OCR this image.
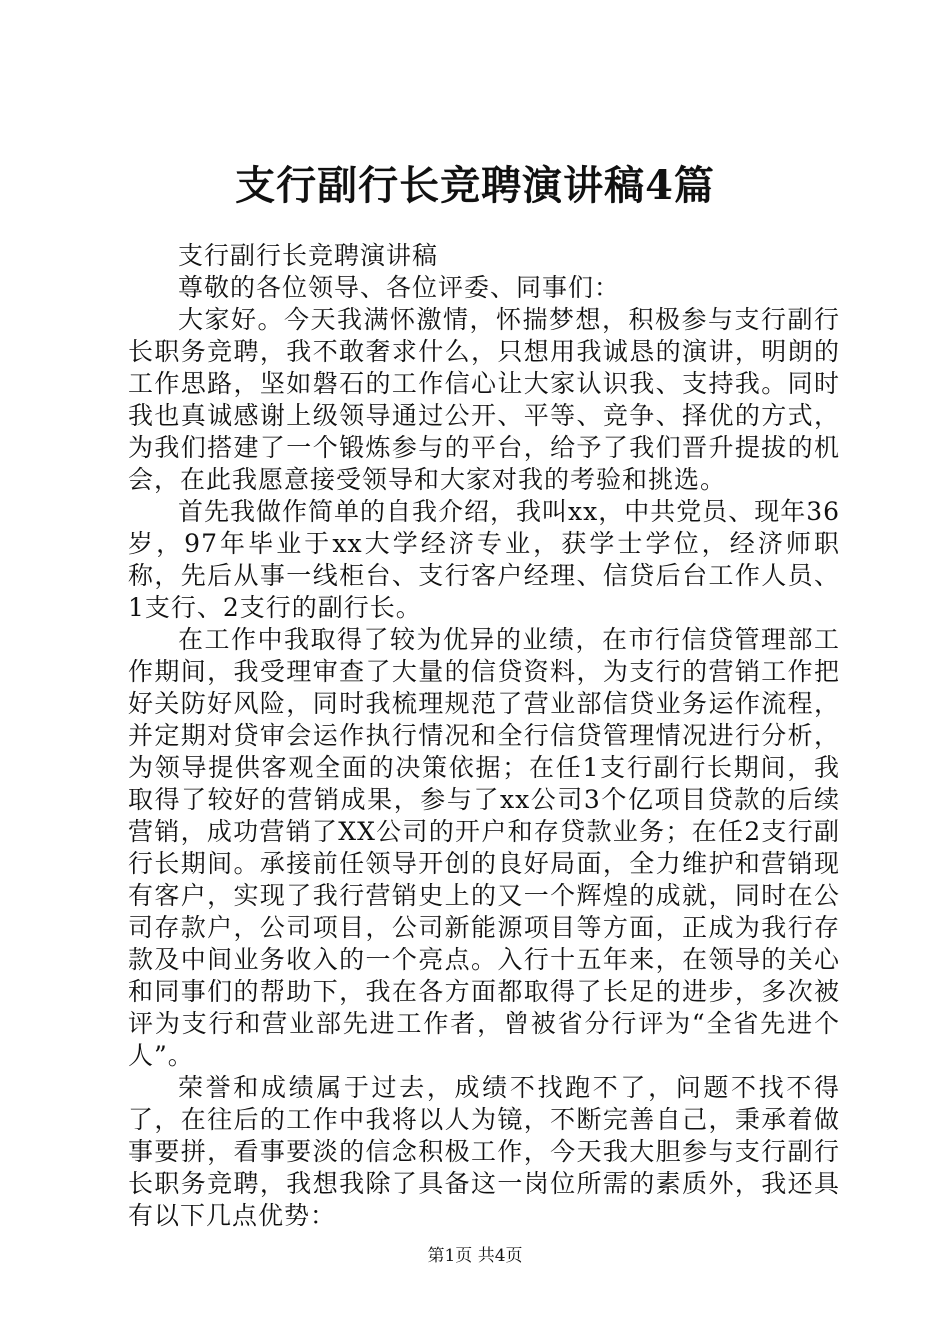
支行副行长竞聘演讲稿4篇

支行副行长竞聘演讲稿

尊敬的各位领导、各位评委、同事们：

大家好。今天我满怀激情，怀揣梦想，积极参与支行副行长职务竞聘，我不敢奢求什么，只想用我诚恳的演讲，明朗的工作思路，坚如磐石的工作信心让大家认识我、支持我。同时我也真诚感谢上级领导通过公开、平等、竞争、择优的方式，为我们搭建了一个锻炼参与的平台，给予了我们晋升提拔的机会，在此我愿意接受领导和大家对我的考验和挑选。

首先我做作简单的自我介绍，我叫xx，中共党员、现年36岁，97年毕业于xx大学经济专业，获学士学位，经济师职称，先后从事一线柜台、支行客户经理、信贷后台工作人员、1支行、2支行的副行长。

在工作中我取得了较为优异的业绩，在市行信贷管理部工作期间，我受理审查了大量的信贷资料，为支行的营销工作把好关防好风险，同时我梳理规范了营业部信贷业务运作流程，并定期对贷审会运作执行情况和全行信贷管理情况进行分析，为领导提供客观全面的决策依据；在任1支行副行长期间，我取得了较好的营销成果，参与了xx公司3个亿项目贷款的后续营销，成功营销了XX公司的开户和存贷款业务；在任2支行副行长期间。承接前任领导开创的良好局面，全力维护和营销现有客户，实现了我行营销史上的又一个辉煌的成就，同时在公司存款户，公司项目，公司新能源项目等方面，正成为我行存款及中间业务收入的一个亮点。入行十五年来，在领导的关心和同事们的帮助下，我在各方面都取得了长足的进步，多次被评为支行和营业部先进工作者，曾被省分行评为“全省先进个人”。

荣誉和成绩属于过去，成绩不找跑不了，问题不找不得了，在往后的工作中我将以人为镜，不断完善自己，秉承着做事要拼，看事要淡的信念积极工作，今天我大胆参与支行副行长职务竞聘，我想我除了具备这一岗位所需的素质外，我还具有以下几点优势：

第1页 共4页
